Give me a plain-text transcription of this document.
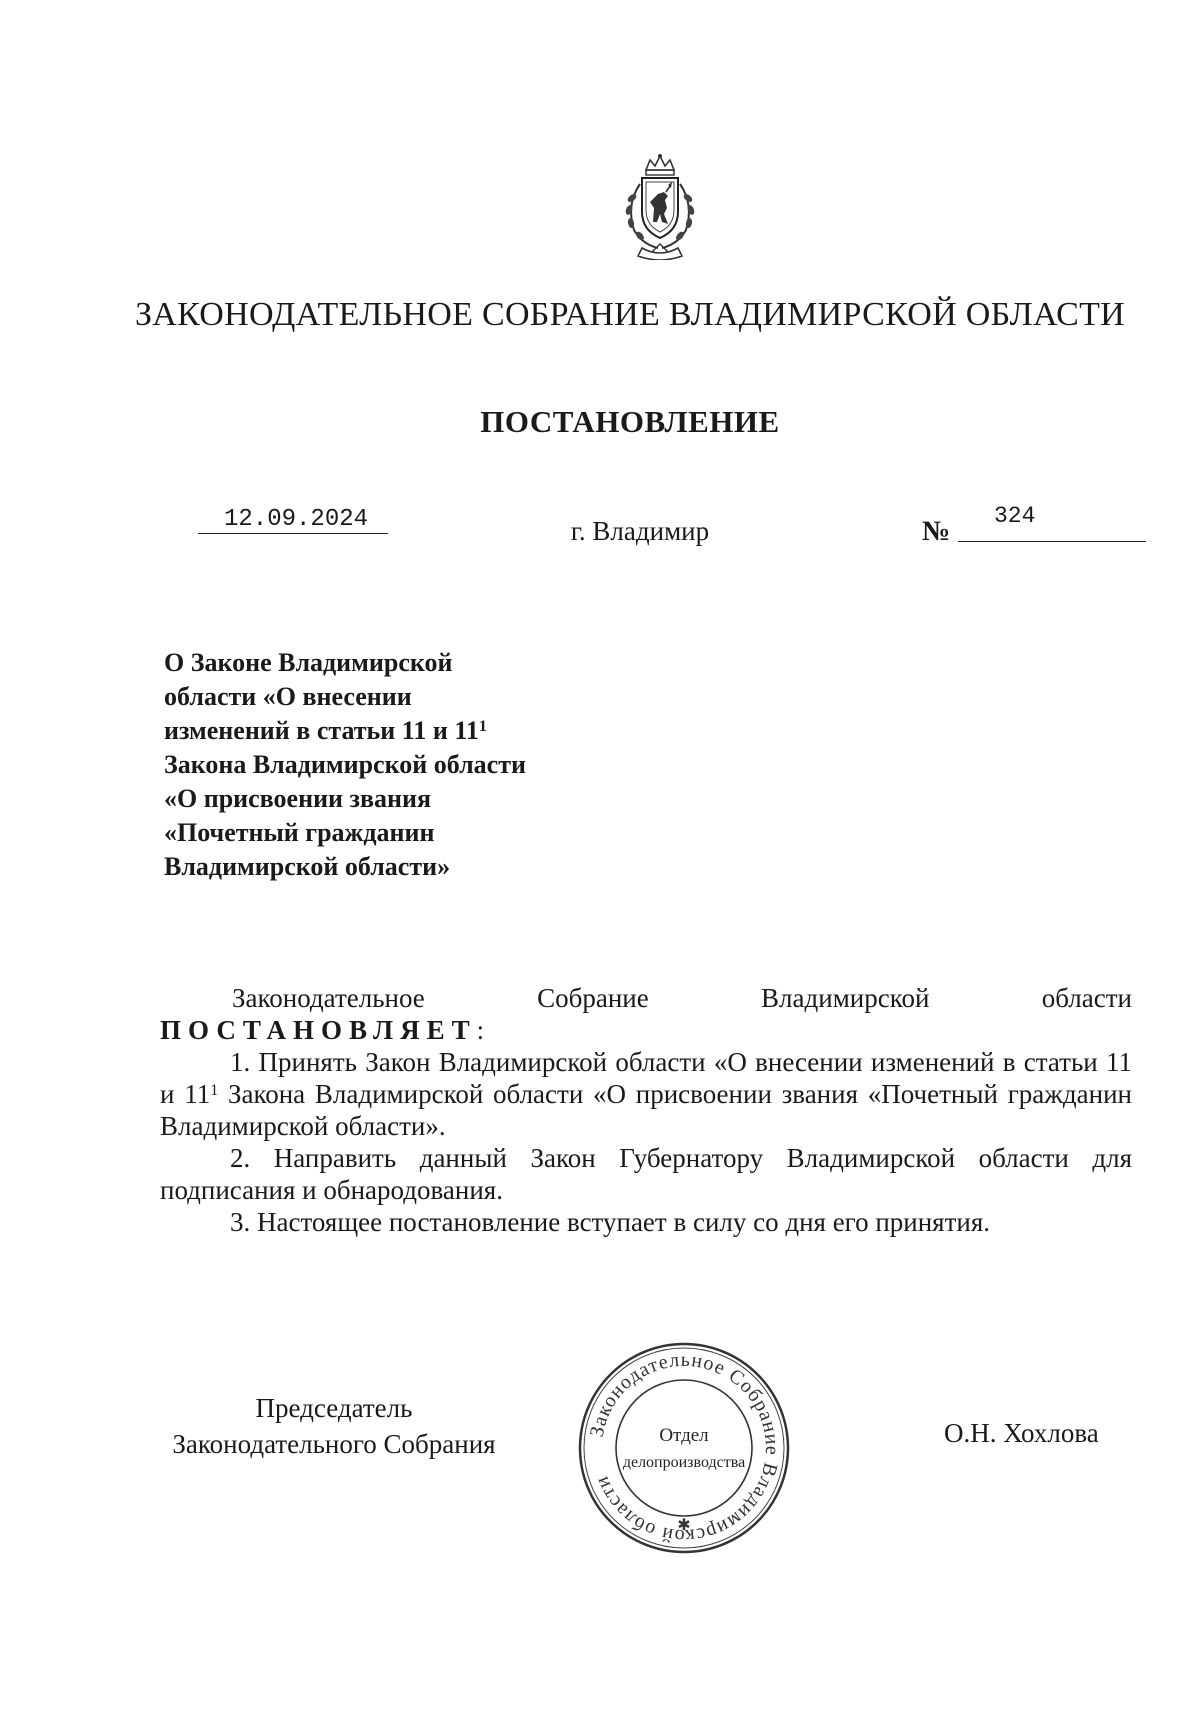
ЗАКОНОДАТЕЛЬНОЕ СОБРАНИЕ ВЛАДИМИРСКОЙ ОБЛАСТИ
ПОСТАНОВЛЕНИЕ
12.09.2024	г. Владимир	№ 324
О Законе Владимирской
области «О внесении
изменений в статьи 11 и $11^1$
Закона Владимирской области
«О присвоении звания
«Почетный гражданин
Владимирской области»
Законодательное	Собрание	Владимирской	области
ПОСТАНОВЛЯЕТ:
1. Принять Закон Владимирской области «О внесении изменений в статьи 11 и $11^1$ Закона Владимирской области «О присвоении звания «Почетный гражданин Владимирской области».
2. Направить данный Закон Губернатору Владимирской области для подписания и обнародования.
3. Настоящее постановление вступает в силу со дня его принятия.
Председатель
Законодательного Собрания	О.Н. Хохлова
Законодательное Собрание Владимирской области
Отдел
делопроизводства
✱
